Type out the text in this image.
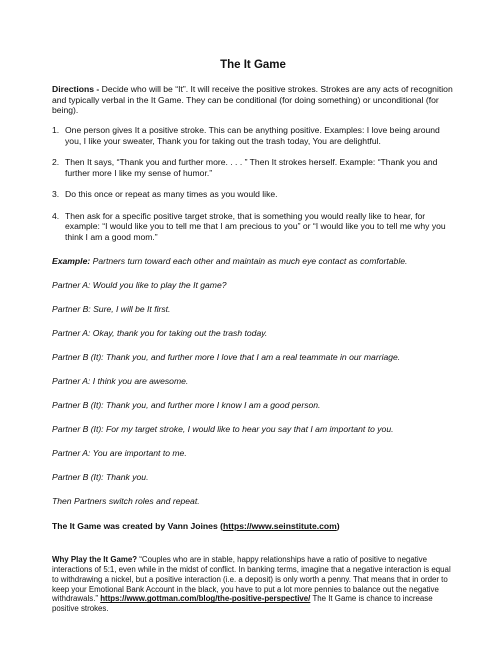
The It Game

Directions - Decide who will be “It”. It will receive the positive strokes. Strokes are any acts of recognition and typically verbal in the It Game. They can be conditional (for doing something) or unconditional (for being).

1. One person gives It a positive stroke. This can be anything positive. Examples: I love being around you, I like your sweater, Thank you for taking out the trash today, You are delightful.
2. Then It says, “Thank you and further more. . . . ” Then It strokes herself. Example: “Thank you and further more I like my sense of humor.”
3. Do this once or repeat as many times as you would like.
4. Then ask for a specific positive target stroke, that is something you would really like to hear, for example: “I would like you to tell me that I am precious to you” or “I would like you to tell me why you think I am a good mom.”

Example: Partners turn toward each other and maintain as much eye contact as comfortable.

Partner A: Would you like to play the It game?

Partner B: Sure, I will be It first.

Partner A: Okay, thank you for taking out the trash today.

Partner B (It): Thank you, and further more I love that I am a real teammate in our marriage.

Partner A: I think you are awesome.

Partner B (It): Thank you, and further more I know I am a good person.

Partner B (It): For my target stroke, I would like to hear you say that I am important to you.

Partner A: You are important to me.

Partner B (It): Thank you.

Then Partners switch roles and repeat.

The It Game was created by Vann Joines (https://www.seinstitute.com)

Why Play the It Game? “Couples who are in stable, happy relationships have a ratio of positive to negative interactions of 5:1, even while in the midst of conflict. In banking terms, imagine that a negative interaction is equal to withdrawing a nickel, but a positive interaction (i.e. a deposit) is only worth a penny. That means that in order to keep your Emotional Bank Account in the black, you have to put a lot more pennies to balance out the negative withdrawals.” https://www.gottman.com/blog/the-positive-perspective/ The It Game is chance to increase positive strokes.
